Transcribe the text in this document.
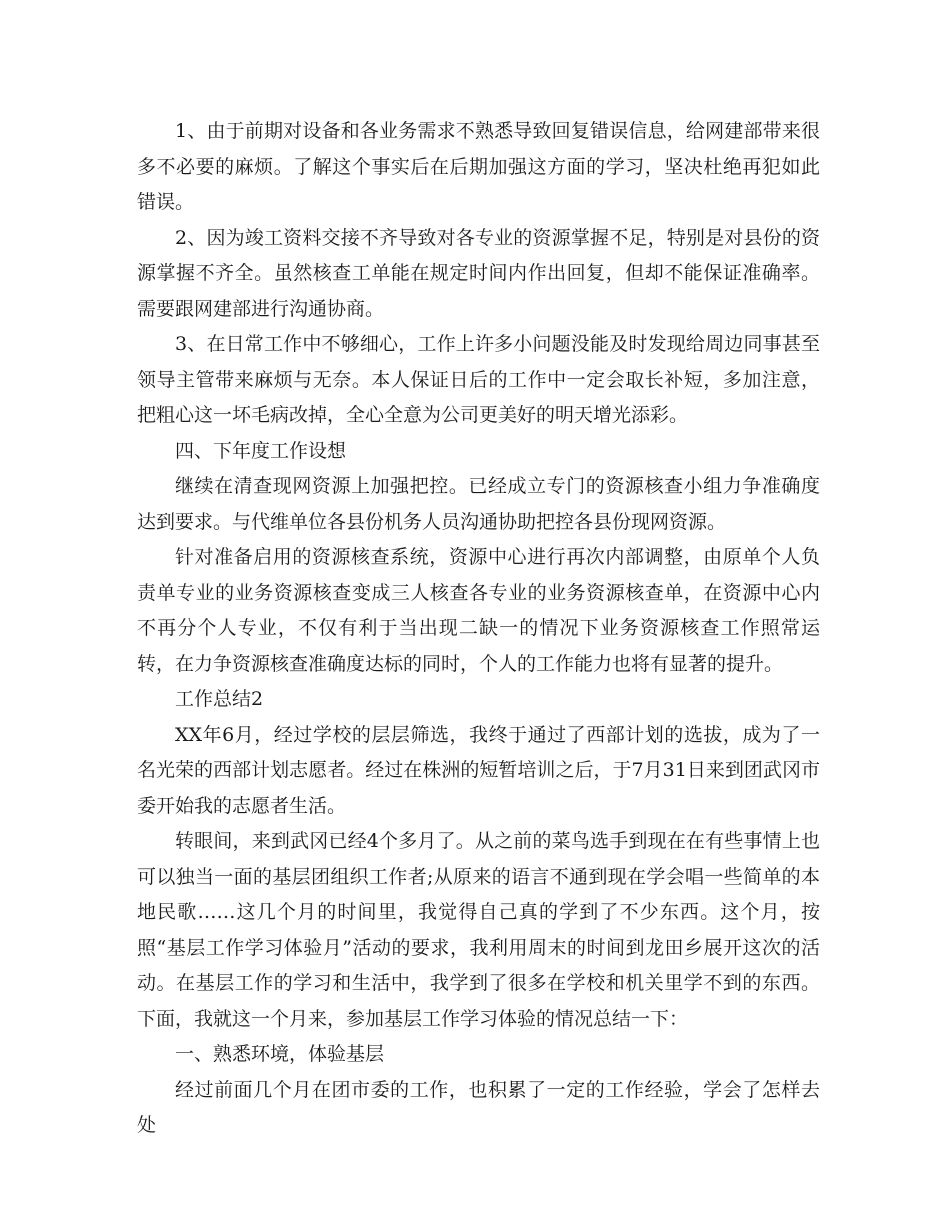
1、由于前期对设备和各业务需求不熟悉导致回复错误信息，给网建部带来很多不必要的麻烦。了解这个事实后在后期加强这方面的学习，坚决杜绝再犯如此错误。

2、因为竣工资料交接不齐导致对各专业的资源掌握不足，特别是对县份的资源掌握不齐全。虽然核查工单能在规定时间内作出回复，但却不能保证准确率。需要跟网建部进行沟通协商。

3、在日常工作中不够细心，工作上许多小问题没能及时发现给周边同事甚至领导主管带来麻烦与无奈。本人保证日后的工作中一定会取长补短，多加注意，把粗心这一坏毛病改掉，全心全意为公司更美好的明天增光添彩。

四、下年度工作设想

继续在清查现网资源上加强把控。已经成立专门的资源核查小组力争准确度达到要求。与代维单位各县份机务人员沟通协助把控各县份现网资源。

针对准备启用的资源核查系统，资源中心进行再次内部调整，由原单个人负责单专业的业务资源核查变成三人核查各专业的业务资源核查单，在资源中心内不再分个人专业，不仅有利于当出现二缺一的情况下业务资源核查工作照常运转，在力争资源核查准确度达标的同时，个人的工作能力也将有显著的提升。

工作总结2

XX年6月，经过学校的层层筛选，我终于通过了西部计划的选拔，成为了一名光荣的西部计划志愿者。经过在株洲的短暂培训之后，于7月31日来到团武冈市委开始我的志愿者生活。

转眼间，来到武冈已经4个多月了。从之前的菜鸟选手到现在在有些事情上也可以独当一面的基层团组织工作者;从原来的语言不通到现在学会唱一些简单的本地民歌……这几个月的时间里，我觉得自己真的学到了不少东西。这个月，按照“基层工作学习体验月”活动的要求，我利用周末的时间到龙田乡展开这次的活动。在基层工作的学习和生活中，我学到了很多在学校和机关里学不到的东西。下面，我就这一个月来，参加基层工作学习体验的情况总结一下：

一、熟悉环境，体验基层

经过前面几个月在团市委的工作，也积累了一定的工作经验，学会了怎样去处
